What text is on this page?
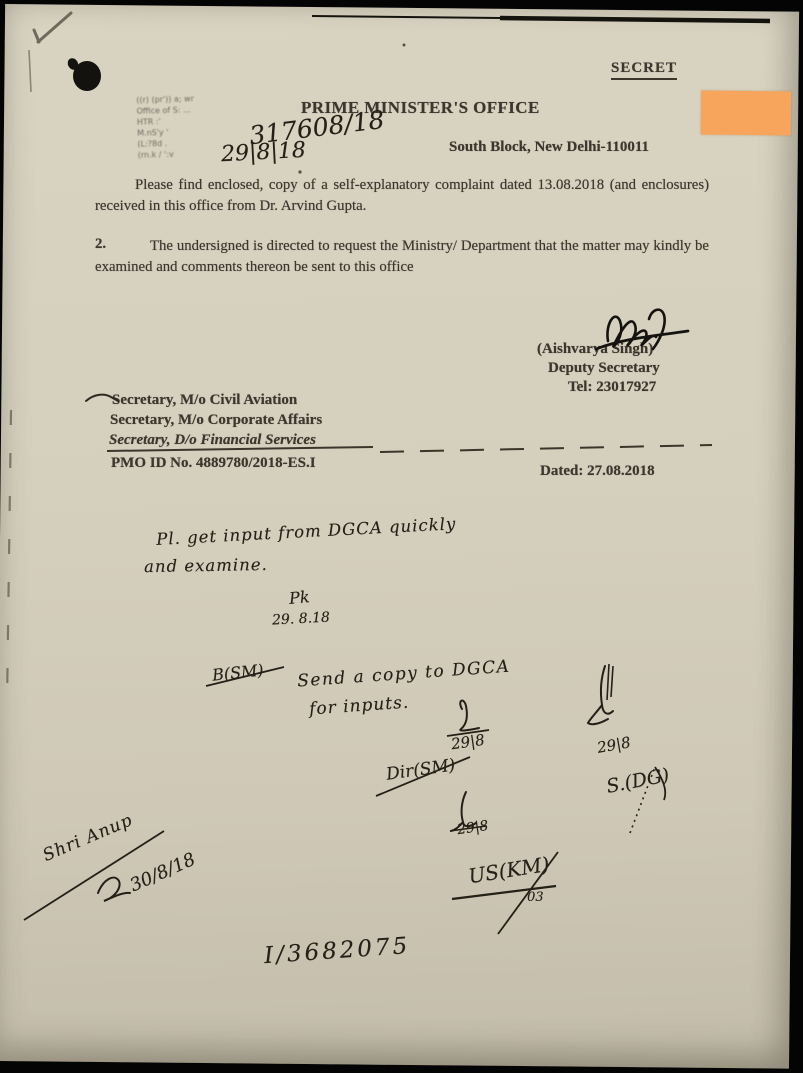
SECRET
((r) (pr')) a; wr
Office of S: ...
HTR :'
M.nS'y '
(L:?8d .
(rn.k / ':v
PRIME MINISTER'S OFFICE
317608/18
29|8|18	South Block, New Delhi-110011
Please find enclosed, copy of a self-explanatory complaint dated 13.08.2018 (and enclosures) received in this office from Dr. Arvind Gupta.
2.	The undersigned is directed to request the Ministry/ Department that the matter may kindly be examined and comments thereon be sent to this office
(Aishvarya Singh)
Deputy Secretary
Tel: 23017927
Secretary, M/o Civil Aviation
Secretary, M/o Corporate Affairs
Secretary, D/o Financial Services
PMO ID No. 4889780/2018-ES.I	Dated: 27.08.2018
Pl. get input from DGCA quickly
and examine.
Pk
29. 8.18
B(SM) Send a copy to DGCA
for inputs.
29|8
Dir(SM)
29|8
29|8
S.(DG)
Shri Anup
30/8/18	US(KM)
03
I/3682075
